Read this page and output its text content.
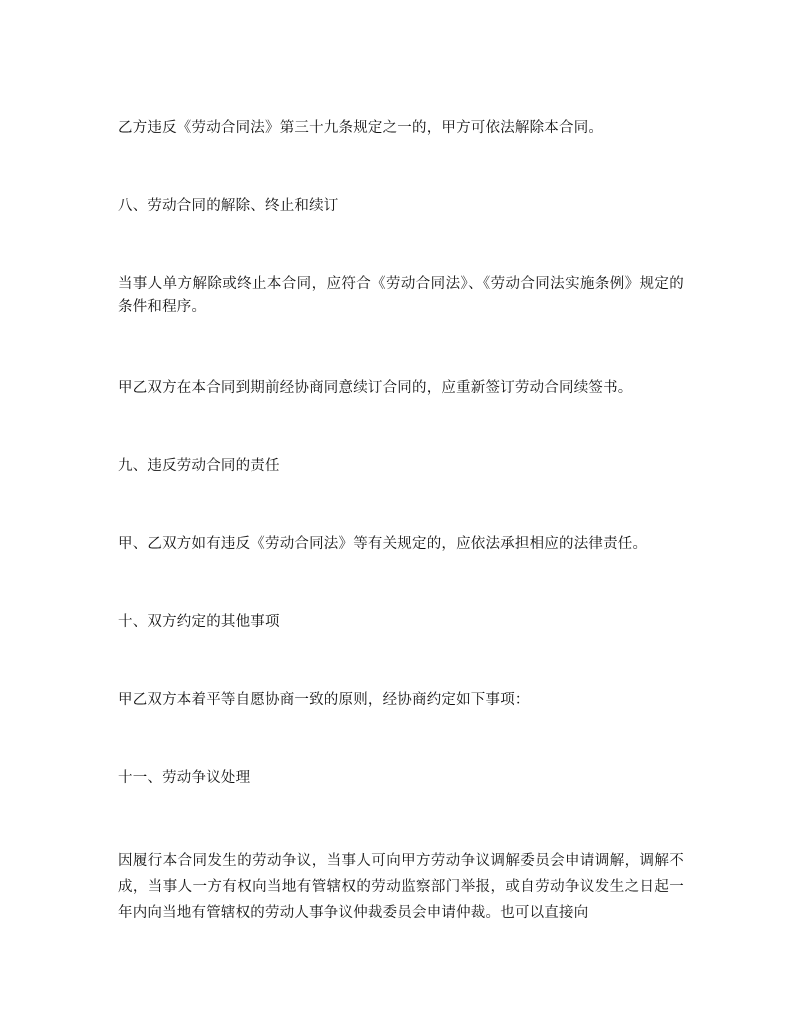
乙方违反《劳动合同法》第三十九条规定之一的，甲方可依法解除本合同。

八、劳动合同的解除、终止和续订

当事人单方解除或终止本合同，应符合《劳动合同法》、《劳动合同法实施条例》规定的条件和程序。

甲乙双方在本合同到期前经协商同意续订合同的，应重新签订劳动合同续签书。

九、违反劳动合同的责任

甲、乙双方如有违反《劳动合同法》等有关规定的，应依法承担相应的法律责任。

十、双方约定的其他事项

甲乙双方本着平等自愿协商一致的原则，经协商约定如下事项：

十一、劳动争议处理

因履行本合同发生的劳动争议，当事人可向甲方劳动争议调解委员会申请调解，调解不成，当事人一方有权向当地有管辖权的劳动监察部门举报，或自劳动争议发生之日起一年内向当地有管辖权的劳动人事争议仲裁委员会申请仲裁。也可以直接向
